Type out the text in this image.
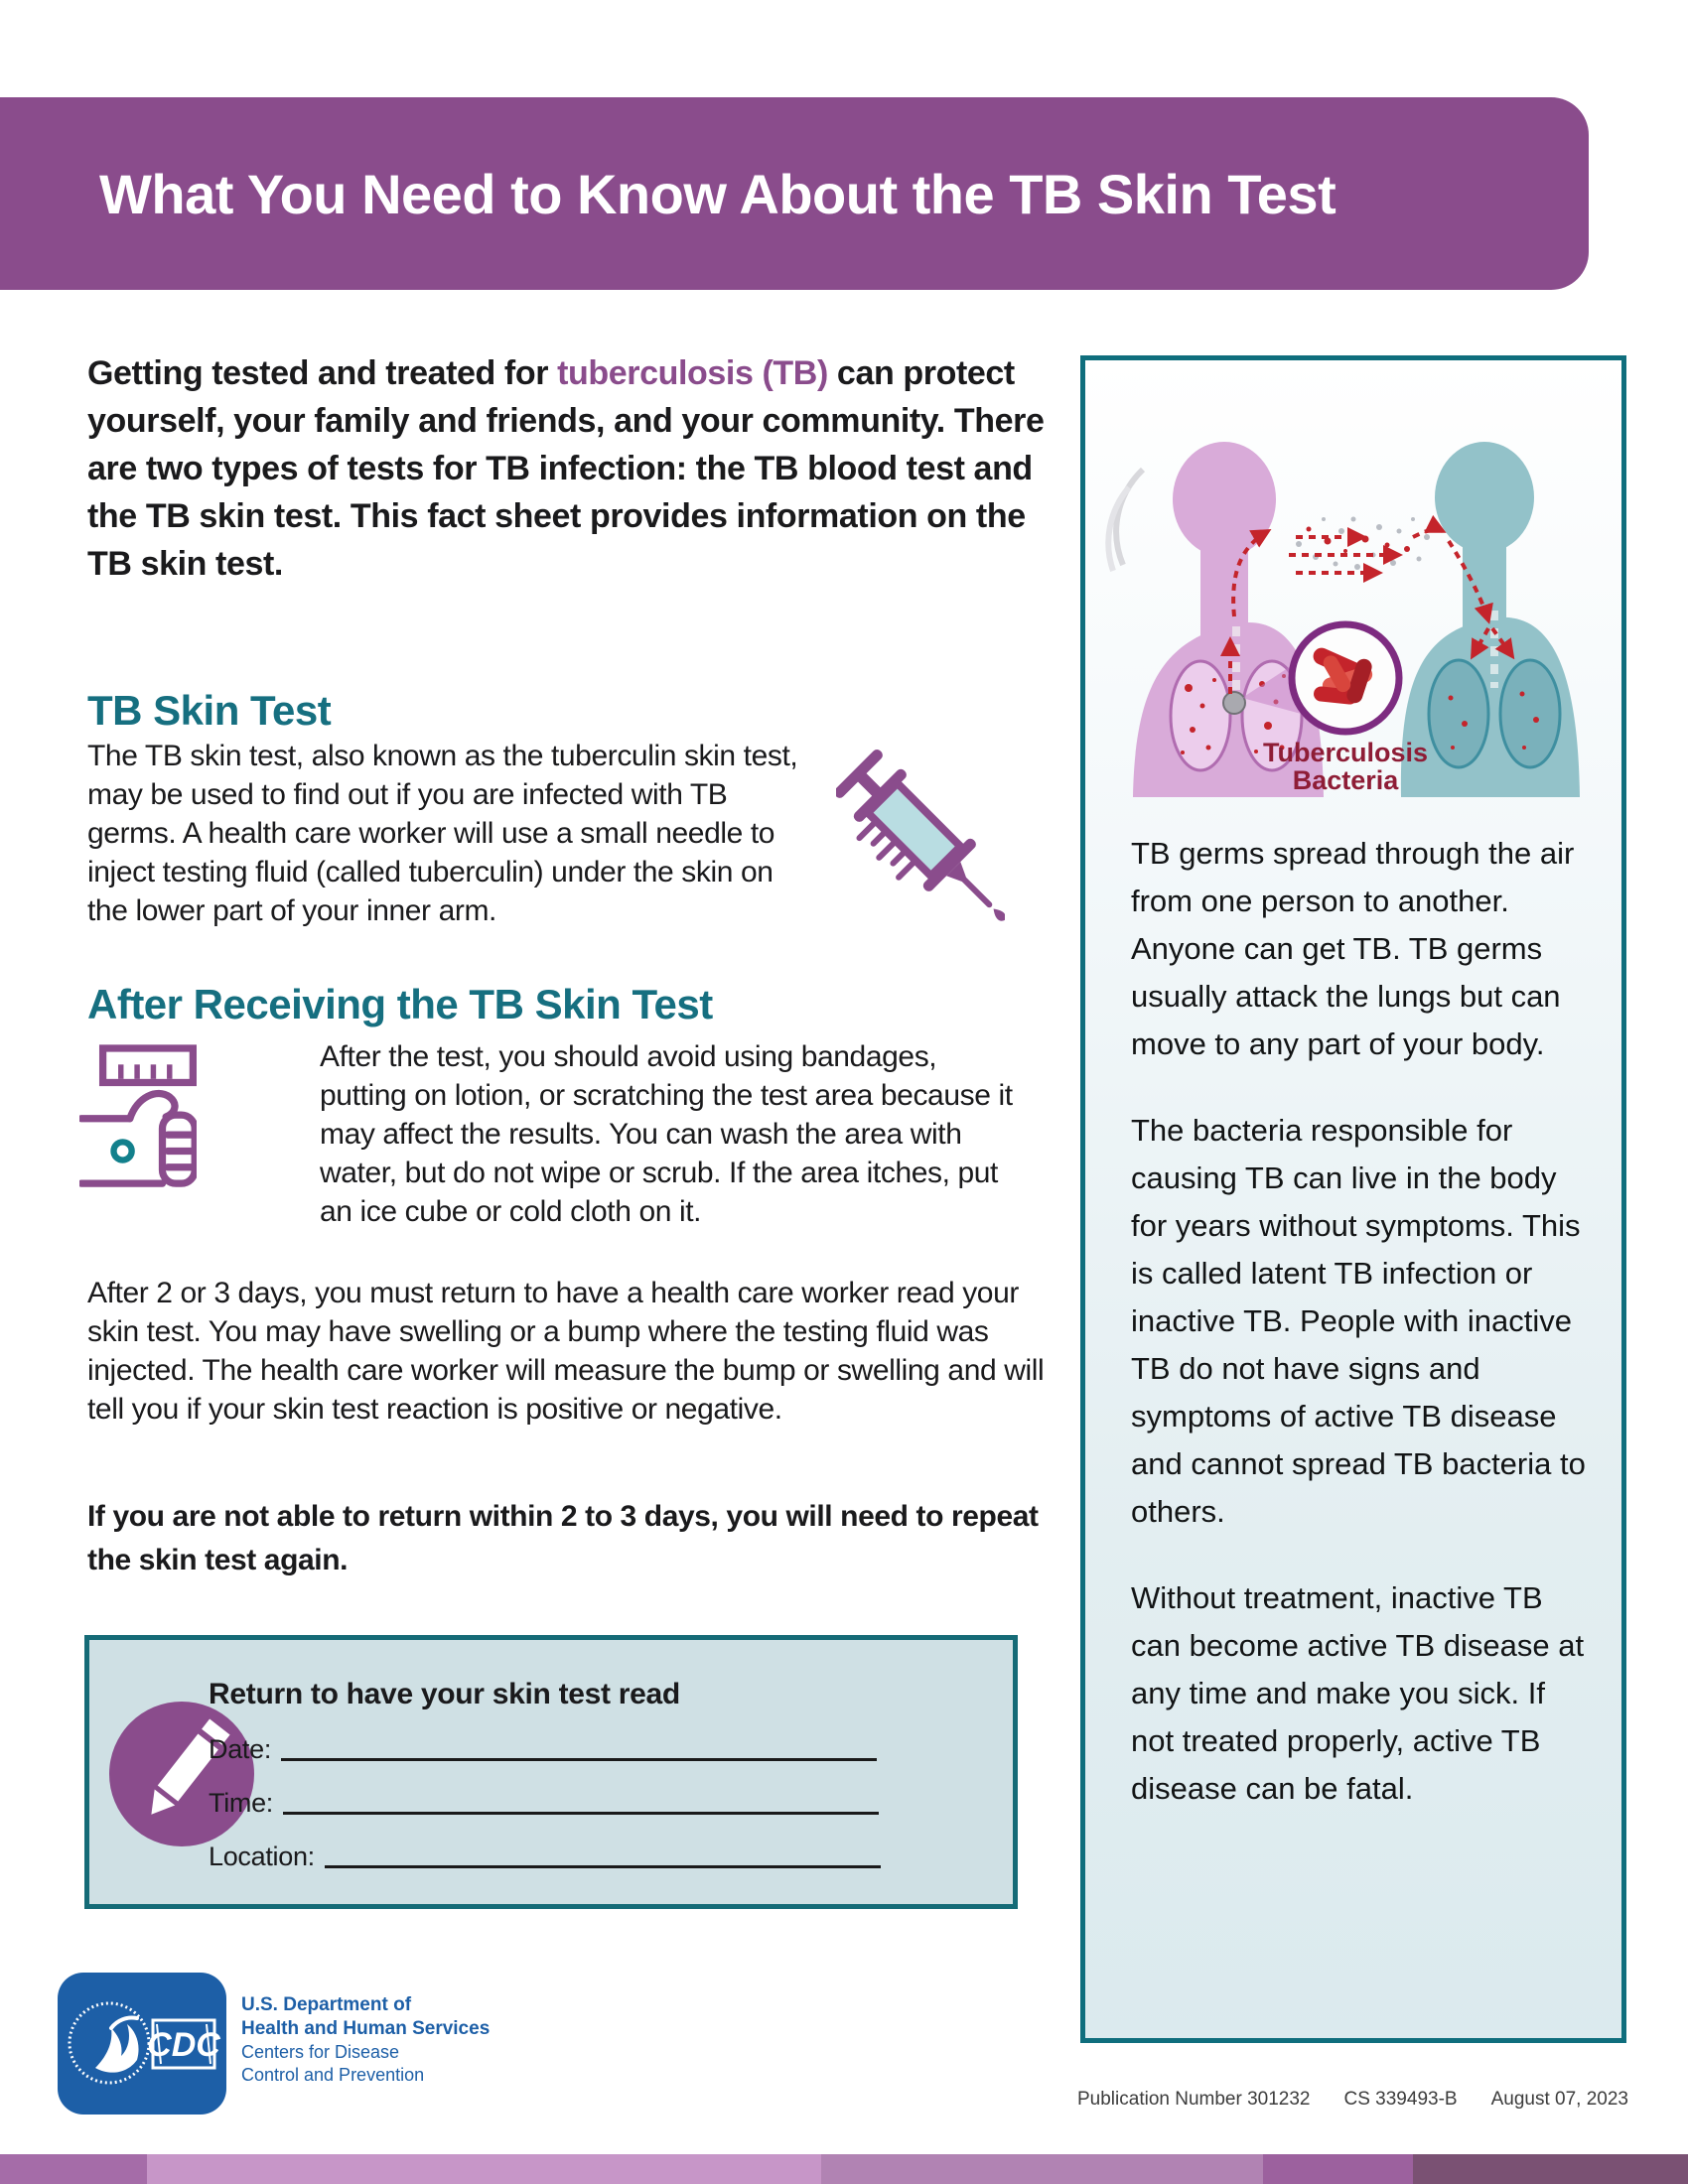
What You Need to Know About the TB Skin Test
Getting tested and treated for tuberculosis (TB) can protect yourself, your family and friends, and your community. There are two types of tests for TB infection: the TB blood test and the TB skin test. This fact sheet provides information on the TB skin test.
TB Skin Test
The TB skin test, also known as the tuberculin skin test, may be used to find out if you are infected with TB germs. A health care worker will use a small needle to inject testing fluid (called tuberculin) under the skin on the lower part of your inner arm.
After Receiving the TB Skin Test
After the test, you should avoid using bandages, putting on lotion, or scratching the test area because it may affect the results. You can wash the area with water, but do not wipe or scrub. If the area itches, put an ice cube or cold cloth on it.
After 2 or 3 days, you must return to have a health care worker read your skin test. You may have swelling or a bump where the testing fluid was injected. The health care worker will measure the bump or swelling and will tell you if your skin test reaction is positive or negative.
If you are not able to return within 2 to 3 days, you will need to repeat the skin test again.
Return to have your skin test read
Date:
Time:
Location:
Tuberculosis
Bacteria

TB germs spread through the air from one person to another. Anyone can get TB. TB germs usually attack the lungs but can move to any part of your body.

The bacteria responsible for causing TB can live in the body for years without symptoms. This is called latent TB infection or inactive TB. People with inactive TB do not have signs and symptoms of active TB disease and cannot spread TB bacteria to others.

Without treatment, inactive TB can become active TB disease at any time and make you sick. If not treated properly, active TB disease can be fatal.

CDC
U.S. Department of
Health and Human Services
Centers for Disease
Control and Prevention
Publication Number 301232 CS 339493-B August 07, 2023
